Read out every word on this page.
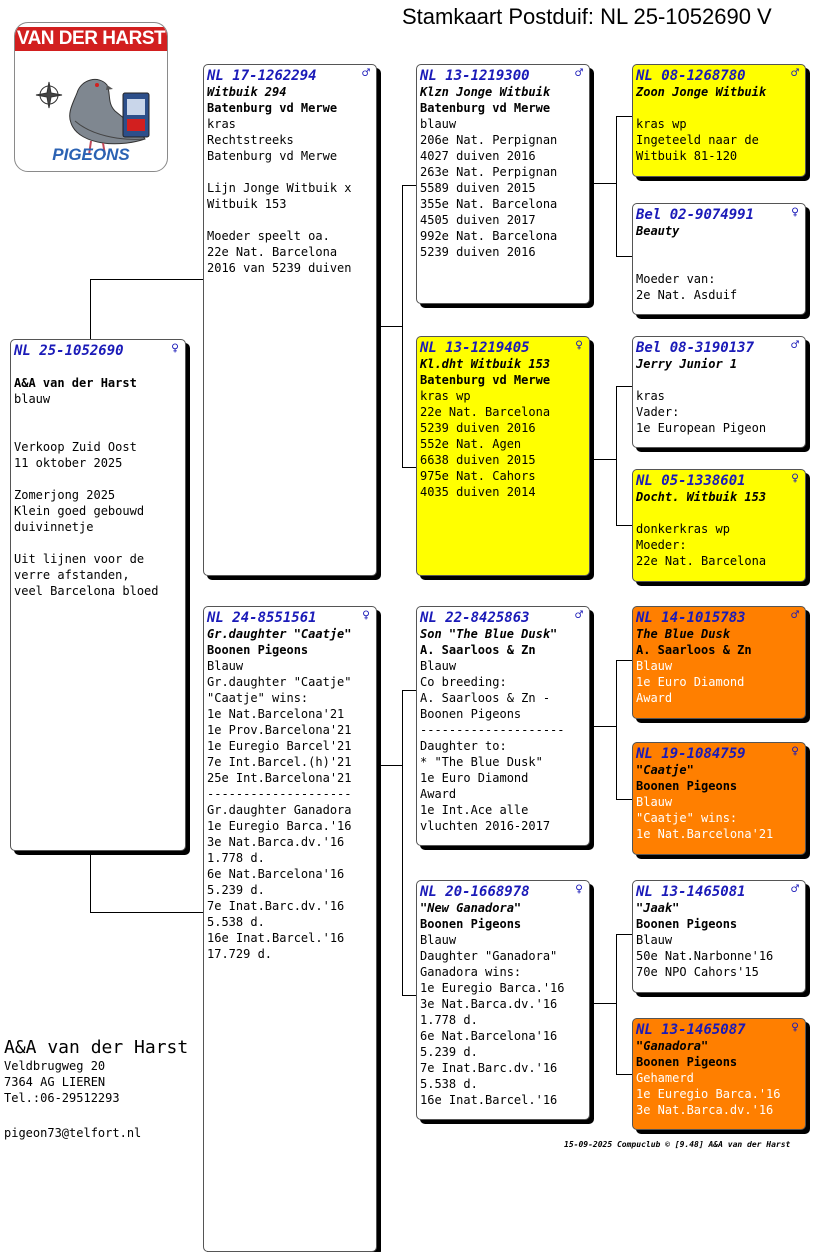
Stamkaart Postduif: NL 25-1052690 V
VAN DER HARST
PIGEONS
NL 25-1052690	♀
A&A van der Harst
blauw
Verkoop Zuid Oost
11 oktober 2025
Zomerjong 2025
Klein goed gebouwd
duivinnetje
Uit lijnen voor de
verre afstanden,
veel Barcelona bloed
NL 17-1262294	♂
Witbuik 294
Batenburg vd Merwe
kras
Rechtstreeks
Batenburg vd Merwe
Lijn Jonge Witbuik x
Witbuik 153
Moeder speelt oa.
22e Nat. Barcelona
2016 van 5239 duiven
NL 24-8551561	♀
Gr.daughter "Caatje"
Boonen Pigeons
Blauw
Gr.daughter "Caatje"
"Caatje" wins:
1e Nat.Barcelona'21
1e Prov.Barcelona'21
1e Euregio Barcel'21
7e Int.Barcel.(h)'21
25e Int.Barcelona'21
--------------------
Gr.daughter Ganadora
1e Euregio Barca.'16
3e Nat.Barca.dv.'16
1.778 d.
6e Nat.Barcelona'16
5.239 d.
7e Inat.Barc.dv.'16
5.538 d.
16e Inat.Barcel.'16
17.729 d.
NL 13-1219300	♂
Klzn Jonge Witbuik
Batenburg vd Merwe
blauw
206e Nat. Perpignan
4027 duiven 2016
263e Nat. Perpignan
5589 duiven 2015
355e Nat. Barcelona
4505 duiven 2017
992e Nat. Barcelona
5239 duiven 2016
NL 13-1219405	♀
Kl.dht Witbuik 153
Batenburg vd Merwe
kras wp
22e Nat. Barcelona
5239 duiven 2016
552e Nat. Agen
6638 duiven 2015
975e Nat. Cahors
4035 duiven 2014
NL 22-8425863	♂
Son "The Blue Dusk"
A. Saarloos & Zn
Blauw
Co breeding:
A. Saarloos & Zn -
Boonen Pigeons
--------------------
Daughter to:
* "The Blue Dusk"
1e Euro Diamond
Award
1e Int.Ace alle
vluchten 2016-2017
NL 20-1668978	♀
"New Ganadora"
Boonen Pigeons
Blauw
Daughter "Ganadora"
Ganadora wins:
1e Euregio Barca.'16
3e Nat.Barca.dv.'16
1.778 d.
6e Nat.Barcelona'16
5.239 d.
7e Inat.Barc.dv.'16
5.538 d.
16e Inat.Barcel.'16
NL 08-1268780	♂
Zoon Jonge Witbuik
kras wp
Ingeteeld naar de
Witbuik 81-120
Bel 02-9074991	♀
Beauty
Moeder van:
2e Nat. Asduif
Bel 08-3190137	♂
Jerry Junior 1
kras
Vader:
1e European Pigeon
NL 05-1338601	♀
Docht. Witbuik 153
donkerkras wp
Moeder:
22e Nat. Barcelona
NL 14-1015783	♂
The Blue Dusk
A. Saarloos & Zn
Blauw
1e Euro Diamond
Award
NL 19-1084759	♀
"Caatje"
Boonen Pigeons
Blauw
"Caatje" wins:
1e Nat.Barcelona'21
NL 13-1465081	♂
"Jaak"
Boonen Pigeons
Blauw
50e Nat.Narbonne'16
70e NPO Cahors'15
NL 13-1465087	♀
"Ganadora"
Boonen Pigeons
Gehamerd
1e Euregio Barca.'16
3e Nat.Barca.dv.'16
A&A van der Harst
Veldbrugweg 20
7364 AG LIEREN
Tel.:06-29512293
pigeon73@telfort.nl
15-09-2025 Compuclub © [9.48] A&A van der Harst
